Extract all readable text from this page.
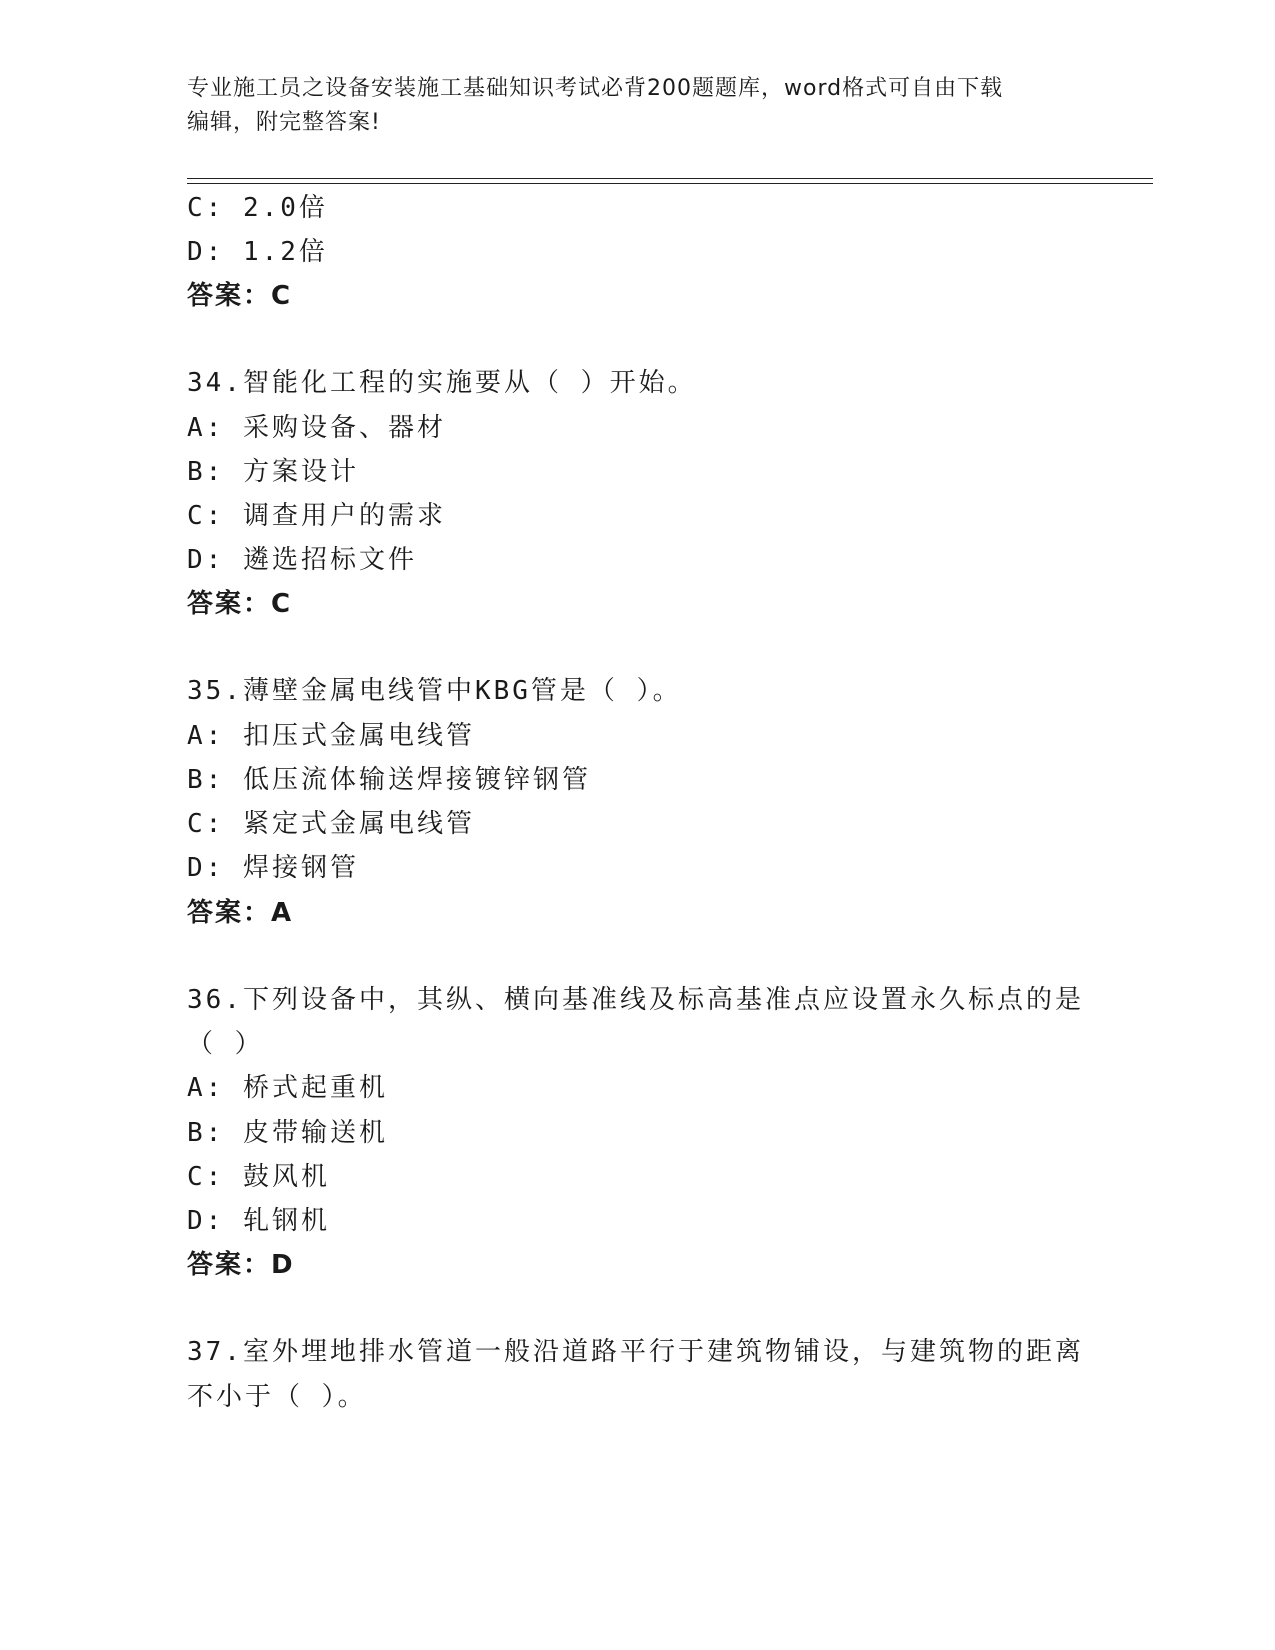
专业施工员之设备安装施工基础知识考试必背200题题库，word格式可自由下载
编辑，附完整答案!
C: 2.0倍
D: 1.2倍
答案：C
34.智能化工程的实施要从（ ）开始。
A: 采购设备、器材
B: 方案设计
C: 调查用户的需求
D: 遴选招标文件
答案：C
35.薄壁金属电线管中KBG管是（ ）。
A: 扣压式金属电线管
B: 低压流体输送焊接镀锌钢管
C: 紧定式金属电线管
D: 焊接钢管
答案：A
36.下列设备中，其纵、横向基准线及标高基准点应设置永久标点的是
（ ）
A: 桥式起重机
B: 皮带输送机
C: 鼓风机
D: 轧钢机
答案：D
37.室外埋地排水管道一般沿道路平行于建筑物铺设，与建筑物的距离
不小于（ ）。
